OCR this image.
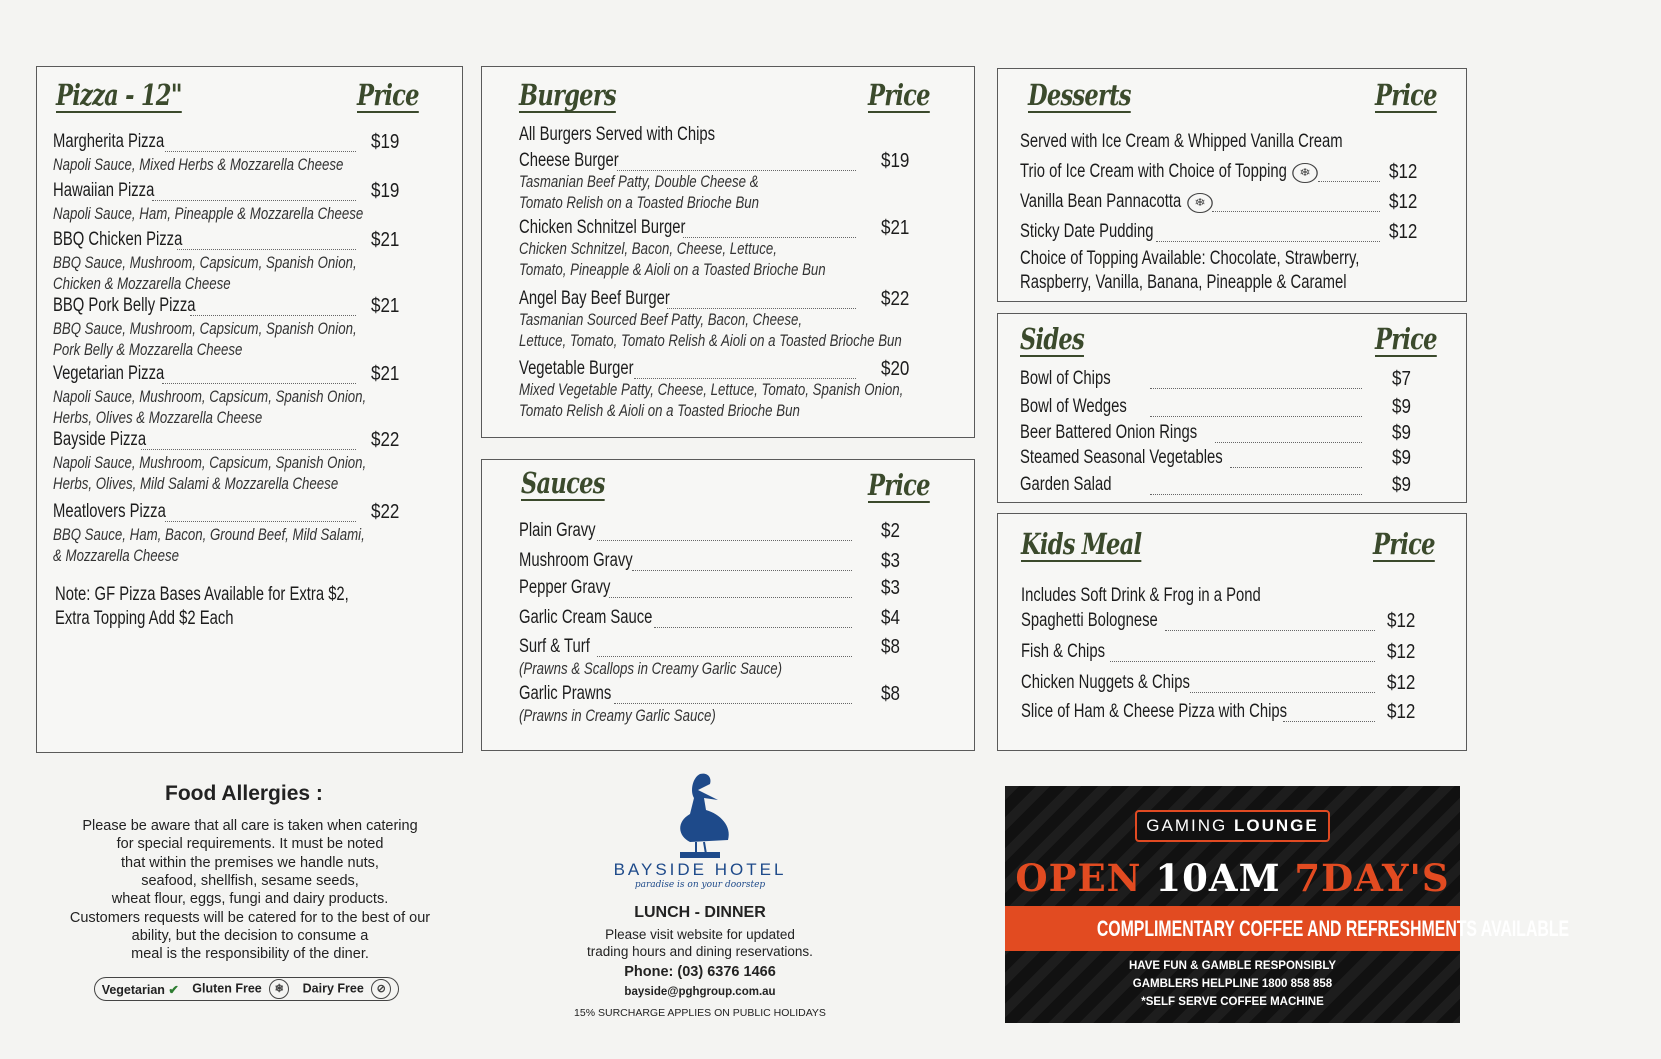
Pizza - 12"	Price
Margherita Pizza	$19
Napoli Sauce, Mixed Herbs & Mozzarella Cheese
Hawaiian Pizza	$19
Napoli Sauce, Ham, Pineapple & Mozzarella Cheese
BBQ Chicken Pizza	$21
BBQ Sauce, Mushroom, Capsicum, Spanish Onion,
Chicken & Mozzarella Cheese
BBQ Pork Belly Pizza	$21
BBQ Sauce, Mushroom, Capsicum, Spanish Onion,
Pork Belly & Mozzarella Cheese
Vegetarian Pizza	$21
Napoli Sauce, Mushroom, Capsicum, Spanish Onion,
Herbs, Olives & Mozzarella Cheese
Bayside Pizza	$22
Napoli Sauce, Mushroom, Capsicum, Spanish Onion,
Herbs, Olives, Mild Salami & Mozzarella Cheese
Meatlovers Pizza	$22
BBQ Sauce, Ham, Bacon, Ground Beef, Mild Salami,
& Mozzarella Cheese
Note: GF Pizza Bases Available for Extra $2,
Extra Topping Add $2 Each
Burgers	Price
All Burgers Served with Chips
Cheese Burger	$19
Tasmanian Beef Patty, Double Cheese &
Tomato Relish on a Toasted Brioche Bun
Chicken Schnitzel Burger	$21
Chicken Schnitzel, Bacon, Cheese, Lettuce,
Tomato, Pineapple & Aioli on a Toasted Brioche Bun
Angel Bay Beef Burger	$22
Tasmanian Sourced Beef Patty, Bacon, Cheese,
Lettuce, Tomato, Tomato Relish & Aioli on a Toasted Brioche Bun
Vegetable Burger	$20
Mixed Vegetable Patty, Cheese, Lettuce, Tomato, Spanish Onion,
Tomato Relish & Aioli on a Toasted Brioche Bun
Sauces	Price
Plain Gravy	$2
Mushroom Gravy	$3
Pepper Gravy	$3
Garlic Cream Sauce	$4
Surf & Turf	$8
(Prawns & Scallops in Creamy Garlic Sauce)
Garlic Prawns	$8
(Prawns in Creamy Garlic Sauce)
Desserts	Price
Served with Ice Cream & Whipped Vanilla Cream
Trio of Ice Cream with Choice of Topping	❄	$12
Vanilla Bean Pannacotta	❄	$12
Sticky Date Pudding	$12
Choice of Topping Available: Chocolate, Strawberry,
Raspberry, Vanilla, Banana, Pineapple & Caramel
Sides	Price
Bowl of Chips	$7
Bowl of Wedges	$9
Beer Battered Onion Rings	$9
Steamed Seasonal Vegetables	$9
Garden Salad	$9
Kids Meal	Price
Includes Soft Drink & Frog in a Pond
Spaghetti Bolognese	$12
Fish & Chips	$12
Chicken Nuggets & Chips	$12
Slice of Ham & Cheese Pizza with Chips	$12
Food Allergies :
Please be aware that all care is taken when catering
for special requirements. It must be noted
that within the premises we handle nuts,
seafood, shellfish, sesame seeds,
wheat flour, eggs, fungi and dairy products.
Customers requests will be catered for to the best of our
ability, but the decision to consume a
meal is the responsibility of the diner.
Vegetarian ✔ Gluten Free ❄	Dairy Free ⊘
BAYSIDE HOTEL
paradise is on your doorstep
LUNCH - DINNER
Please visit website for updated
trading hours and dining reservations.
Phone: (03) 6376 1466
bayside@pghgroup.com.au
15% SURCHARGE APPLIES ON PUBLIC HOLIDAYS
GAMING LOUNGE
OPEN 10AM 7DAY'S
COMPLIMENTARY COFFEE AND REFRESHMENTS AVAILABLE
HAVE FUN & GAMBLE RESPONSIBLY
GAMBLERS HELPLINE 1800 858 858
*SELF SERVE COFFEE MACHINE
